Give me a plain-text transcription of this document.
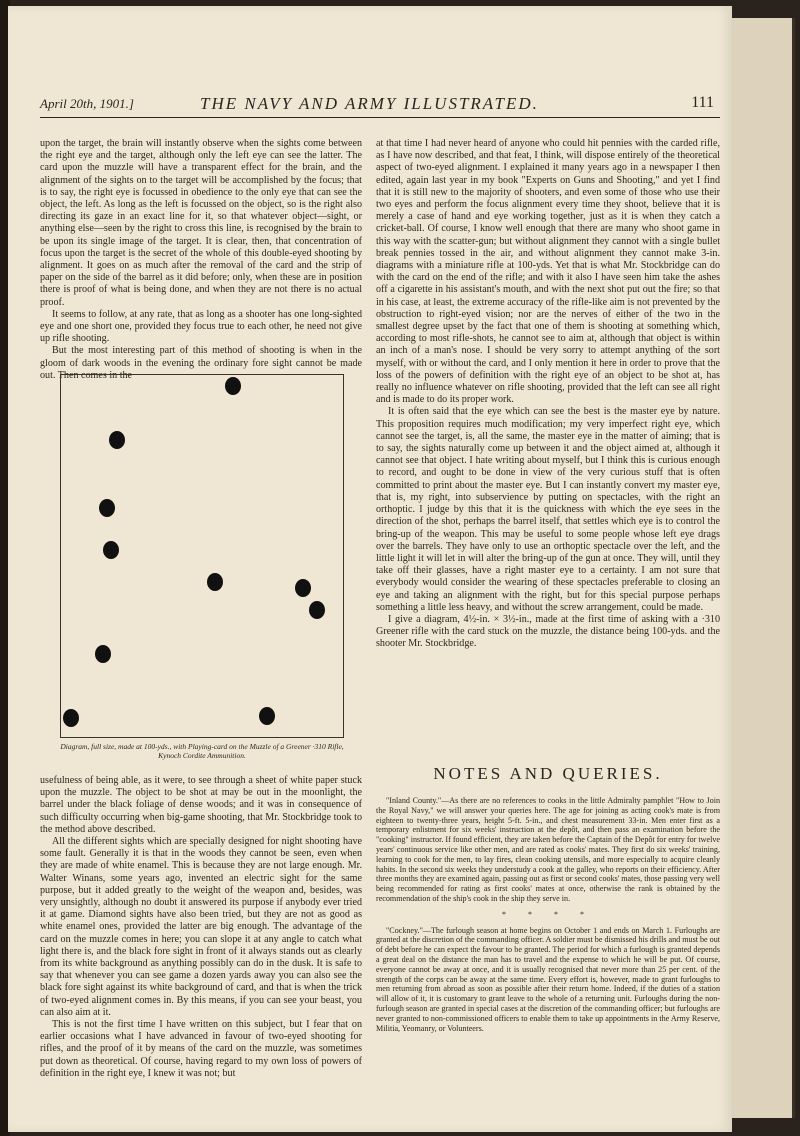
April 20th, 1901.]	THE NAVY AND ARMY ILLUSTRATED.	111

upon the target, the brain will instantly observe when the sights come between the right eye and the target, although only the left eye can see the latter. The card upon the muzzle will have a transparent effect for the brain, and the alignment of the sights on to the target will be accomplished by the focus; that is to say, the right eye is focussed in obedience to the only eye that can see the object, the left. As long as the left is focussed on the object, so is the right also directing its gaze in an exact line for it, so that whatever object—sight, or anything else—seen by the right to cross this line, is recognised by the brain to be upon its single image of the target. It is clear, then, that concentration of focus upon the target is the secret of the whole of this double-eyed shooting by alignment. It goes on as much after the removal of the card and the strip of paper on the side of the barrel as it did before; only, when these are in position there is proof of what is being done, and when they are not there is no actual proof.

It seems to follow, at any rate, that as long as a shooter has one long-sighted eye and one short one, provided they focus true to each other, he need not give up rifle shooting.

But the most interesting part of this method of shooting is when in the gloom of dark woods in the evening the ordinary fore sight cannot be made out. Then comes in the

Diagram, full size, made at 100-yds., with Playing-card on the Muzzle of a Greener ·310 Rifle, Kynoch Cordite Ammunition.

usefulness of being able, as it were, to see through a sheet of white paper stuck upon the muzzle. The object to be shot at may be out in the moonlight, the barrel under the black foliage of dense woods; and it was in consequence of such difficulty occurring when big-game shooting, that Mr. Stockbridge took to the method above described.

All the different sights which are specially designed for night shooting have some fault. Generally it is that in the woods they cannot be seen, even when they are made of white enamel. This is because they are not large enough. Mr. Walter Winans, some years ago, invented an electric sight for the same purpose, but it added greatly to the weight of the weapon and, besides, was very unsightly, although no doubt it answered its purpose if anybody ever tried it at game. Diamond sights have also been tried, but they are not as good as white enamel ones, provided the latter are big enough. The advantage of the card on the muzzle comes in here; you can slope it at any angle to catch what light there is, and the black fore sight in front of it always stands out as clearly from its white background as anything possibly can do in the dusk. It is safe to say that whenever you can see game a dozen yards away you can also see the black fore sight against its white background of card, and that is when the trick of two-eyed alignment comes in. By this means, if you can see your beast, you can also aim at it.

This is not the first time I have written on this subject, but I fear that on earlier occasions what I have advanced in favour of two-eyed shooting for rifles, and the proof of it by means of the card on the muzzle, was sometimes put down as theoretical. Of course, having regard to my own loss of powers of definition in the right eye, I knew it was not; but

at that time I had never heard of anyone who could hit pennies with the carded rifle, as I have now described, and that feat, I think, will dispose entirely of the theoretical aspect of two-eyed alignment. I explained it many years ago in a newspaper I then edited, again last year in my book "Experts on Guns and Shooting," and yet I find that it is still new to the majority of shooters, and even some of those who use their two eyes and perform the focus alignment every time they shoot, believe that it is merely a case of hand and eye working together, just as it is when they catch a cricket-ball. Of course, I know well enough that there are many who shoot game in this way with the scatter-gun; but without alignment they cannot with a single bullet break pennies tossed in the air, and without alignment they cannot make 3-in. diagrams with a miniature rifle at 100-yds. Yet that is what Mr. Stockbridge can do with the card on the end of the rifle; and with it also I have seen him take the ashes off a cigarette in his assistant's mouth, and with the next shot put out the fire; so that in his case, at least, the extreme accuracy of the rifle-like aim is not prevented by the obstruction to right-eyed vision; nor are the nerves of either of the two in the smallest degree upset by the fact that one of them is shooting at something which, according to most rifle-shots, he cannot see to aim at, although that object is within an inch of a man's nose. I should be very sorry to attempt anything of the sort myself, with or without the card, and I only mention it here in order to prove that the loss of the powers of definition with the right eye of an object to be shot at, has really no influence whatever on rifle shooting, provided that the left can see all right and is made to do its proper work.

It is often said that the eye which can see the best is the master eye by nature. This proposition requires much modification; my very imperfect right eye, which cannot see the target, is, all the same, the master eye in the matter of aiming; that is to say, the sights naturally come up between it and the object aimed at, although it cannot see that object. I hate writing about myself, but I think this is curious enough to record, and ought to be done in view of the very curious stuff that is often committed to print about the master eye. But I can instantly convert my master eye, that is, my right, into subservience by putting on spectacles, with the right an orthoptic. I judge by this that it is the quickness with which the eye sees in the direction of the shot, perhaps the barrel itself, that settles which eye is to control the bring-up of the weapon. This may be useful to some people whose left eye drags over the barrels. They have only to use an orthoptic spectacle over the left, and the little light it will let in will alter the bring-up of the gun at once. They will, until they take off their glasses, have a right master eye to a certainty. I am not sure that everybody would consider the wearing of these spectacles preferable to closing an eye and taking an alignment with the right, but for this special purpose perhaps something a little less heavy, and without the screw arrangement, could be made.

I give a diagram, 4½-in. × 3½-in., made at the first time of asking with a ·310 Greener rifle with the card stuck on the muzzle, the distance being 100-yds. and the shooter Mr. Stockbridge.

NOTES AND QUERIES.

"Inland County."—As there are no references to cooks in the little Admiralty pamphlet "How to Join the Royal Navy," we will answer your queries here. The age for joining as acting cook's mate is from eighteen to twenty-three years, height 5-ft. 5-in., and chest measurement 33-in. Men enter first as a temporary enlistment for six weeks' instruction at the depôt, and then pass an examination before the "cooking" instructor. If found efficient, they are taken before the Captain of the Depôt for entry for twelve years' continuous service like other men, and are rated as cooks' mates. They first do six weeks' training, learning to cook for the men, to lay fires, clean cooking utensils, and more especially to acquire cleanly habits. In the second six weeks they understudy a cook at the galley, who reports on their efficiency. After three months they are examined again, passing out as first or second cooks' mates, those passing very well being recommended for rating as first cooks' mates at once, otherwise the rank is obtained by the recommendation of the ship's cook in the ship they serve in.

* * * *

"Cockney."—The furlough season at home begins on October 1 and ends on March 1. Furloughs are granted at the discretion of the commanding officer. A soldier must be dismissed his drills and must be out of debt before he can expect the favour to be granted. The period for which a furlough is granted depends a great deal on the distance the man has to travel and the expense to which he will be put. Of course, everyone cannot be away at once, and it is usually recognised that never more than 25 per cent. of the strength of the corps can be away at the same time. Every effort is, however, made to grant furloughs to men returning from abroad as soon as possible after their return home. Indeed, if the duties of a station will allow of it, it is customary to grant leave to the whole of a returning unit. Furloughs during the non-furlough season are granted in special cases at the discretion of the commanding officer; but furloughs are never granted to non-commissioned officers to enable them to take up appointments in the Army Reserve, Militia, Yeomanry, or Volunteers.
